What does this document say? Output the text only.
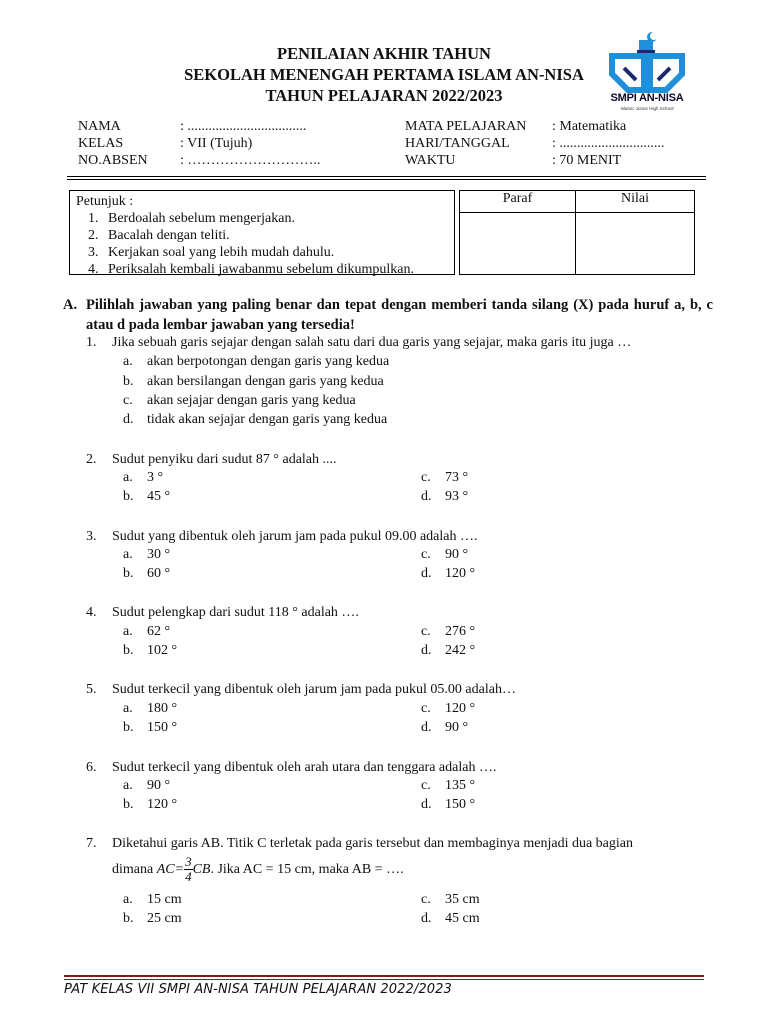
PENILAIAN AKHIR TAHUN
SEKOLAH MENENGAH PERTAMA ISLAM AN-NISA
TAHUN PELAJARAN 2022/2023	SMPI AN-NISA
Islamic Junior High School
NAMA	: ..................................
KELAS	: VII (Tujuh)
NO.ABSEN : ………………………..
MATA PELAJARAN : Matematika
HARI/TANGGAL	: ..............................
WAKTU	: 70 MENIT
Petunjuk :
1. Berdoalah sebelum mengerjakan.
2. Bacalah dengan teliti.
3. Kerjakan soal yang lebih mudah dahulu.
4. Periksalah kembali jawabanmu sebelum dikumpulkan.
Paraf	Nilai

A. Pilihlah jawaban yang paling benar dan tepat dengan memberi tanda silang (X) pada huruf a, b, c atau d pada lembar jawaban yang tersedia!
1. Jika sebuah garis sejajar dengan salah satu dari dua garis yang sejajar, maka garis itu juga …
a. akan berpotongan dengan garis yang kedua
b. akan bersilangan dengan garis yang kedua
c. akan sejajar dengan garis yang kedua
d. tidak akan sejajar dengan garis yang kedua
2. Sudut penyiku dari sudut 87 ° adalah ....
a. 3 °
b. 45 °
c. 73 °
d. 93 °
3. Sudut yang dibentuk oleh jarum jam pada pukul 09.00 adalah ….
a. 30 °
b. 60 °
c. 90 °
d. 120 °
4. Sudut pelengkap dari sudut 118 ° adalah ….
a. 62 °
b. 102 °
c. 276 °
d. 242 °
5. Sudut terkecil yang dibentuk oleh jarum jam pada pukul 05.00 adalah…
a. 180 °
b. 150 °
c. 120 °
d. 90 °
6. Sudut terkecil yang dibentuk oleh arah utara dan tenggara adalah ….
a. 90 °
b. 120 °
c. 135 °
d. 150 °
7. Diketahui garis AB. Titik C terletak pada garis tersebut dan membaginya menjadi dua bagian
dimana $AC= \frac{3}{4}$ CB. Jika AC = 15 cm, maka AB = ….
a. 15 cm
b. 25 cm
c. 35 cm
d. 45 cm
PAT KELAS VII SMPI AN-NISA TAHUN PELAJARAN 2022/2023
